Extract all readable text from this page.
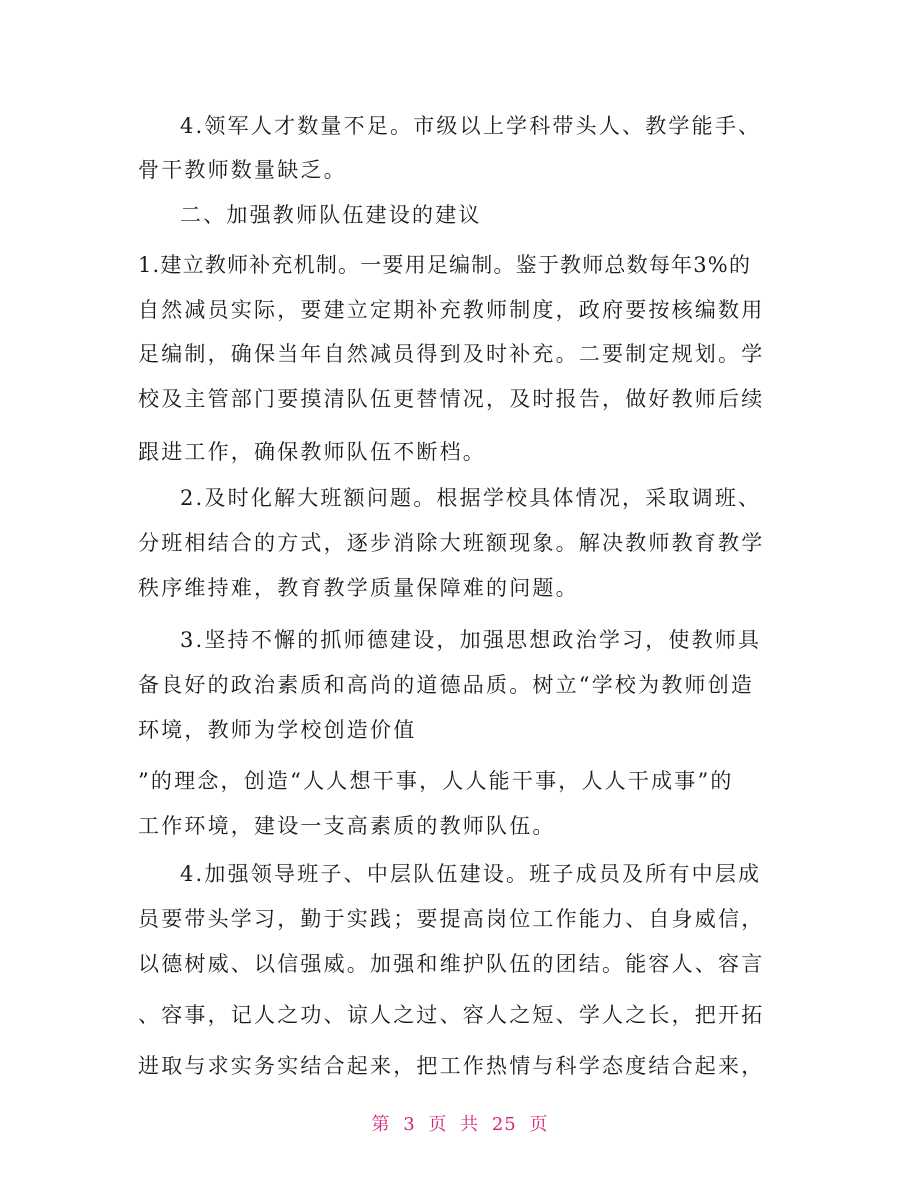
4.领军人才数量不足。市级以上学科带头人、教学能手、
骨干教师数量缺乏。
二、加强教师队伍建设的建议
1.建立教师补充机制。一要用足编制。鉴于教师总数每年3%的
自然减员实际，要建立定期补充教师制度，政府要按核编数用
足编制，确保当年自然减员得到及时补充。二要制定规划。学
校及主管部门要摸清队伍更替情况，及时报告，做好教师后续
跟进工作，确保教师队伍不断档。
2.及时化解大班额问题。根据学校具体情况，采取调班、
分班相结合的方式，逐步消除大班额现象。解决教师教育教学
秩序维持难，教育教学质量保障难的问题。
3.坚持不懈的抓师德建设，加强思想政治学习，使教师具
备良好的政治素质和高尚的道德品质。树立“学校为教师创造
环境，教师为学校创造价值
”的理念，创造“人人想干事，人人能干事，人人干成事”的
工作环境，建设一支高素质的教师队伍。
4.加强领导班子、中层队伍建设。班子成员及所有中层成
员要带头学习，勤于实践；要提高岗位工作能力、自身威信，
以德树威、以信强威。加强和维护队伍的团结。能容人、容言
、容事，记人之功、谅人之过、容人之短、学人之长，把开拓
进取与求实务实结合起来，把工作热情与科学态度结合起来，
第 3 页 共 25 页
